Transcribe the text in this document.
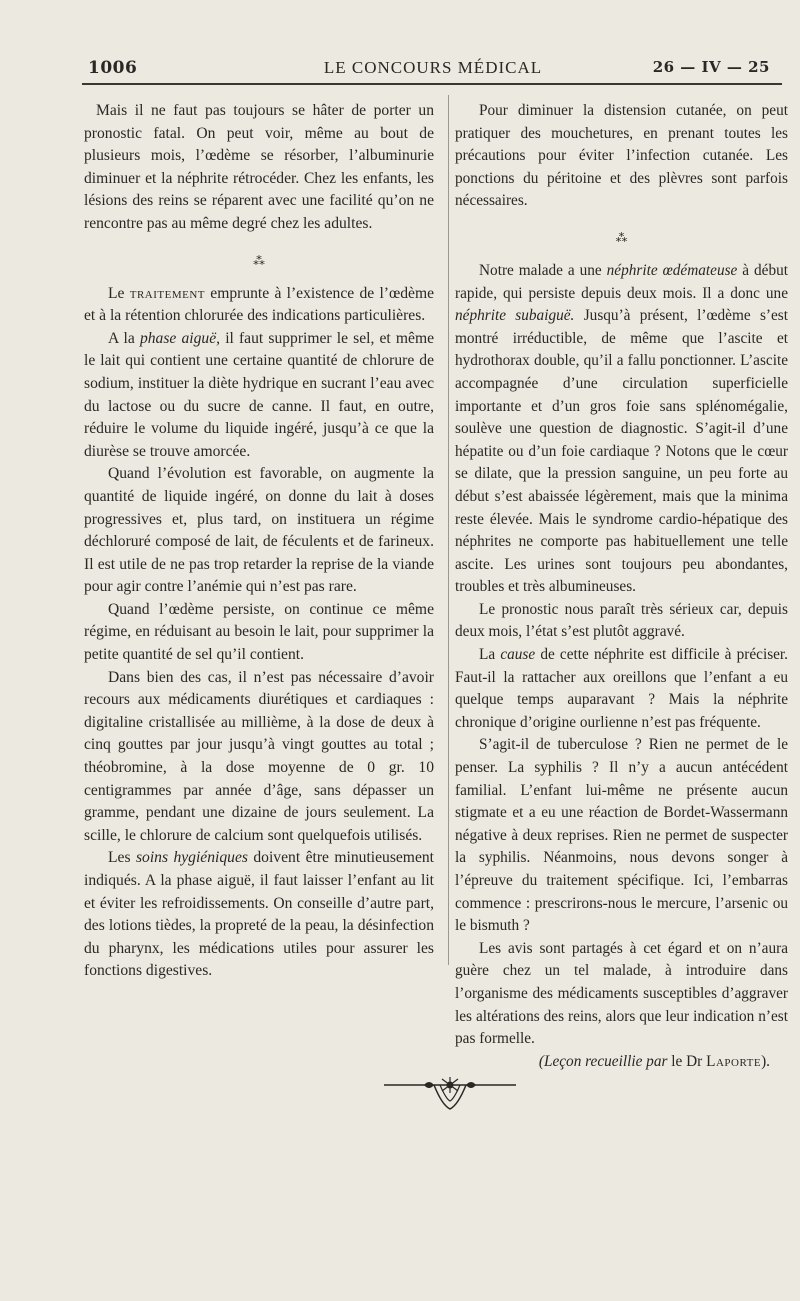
LE CONCOURS MÉDICAL
1006	26 — IV — 25

Mais il ne faut pas toujours se hâter de porter un pronostic fatal. On peut voir, même au bout de plusieurs mois, l’œdème se résorber, l’albuminurie diminuer et la néphrite rétrocéder. Chez les enfants, les lésions des reins se réparent avec une facilité qu’on ne rencontre pas au même degré chez les adultes.

⁂

Le traitement emprunte à l’existence de l’œdème et à la rétention chlorurée des indications particulières.

A la phase aiguë, il faut supprimer le sel, et même le lait qui contient une certaine quantité de chlorure de sodium, instituer la diète hydrique en sucrant l’eau avec du lactose ou du sucre de canne. Il faut, en outre, réduire le volume du liquide ingéré, jusqu’à ce que la diurèse se trouve amorcée.

Quand l’évolution est favorable, on augmente la quantité de liquide ingéré, on donne du lait à doses progressives et, plus tard, on instituera un régime déchloruré composé de lait, de féculents et de farineux. Il est utile de ne pas trop retarder la reprise de la viande pour agir contre l’anémie qui n’est pas rare.

Quand l’œdème persiste, on continue ce même régime, en réduisant au besoin le lait, pour supprimer la petite quantité de sel qu’il contient.

Dans bien des cas, il n’est pas nécessaire d’avoir recours aux médicaments diurétiques et cardiaques : digitaline cristallisée au millième, à la dose de deux à cinq gouttes par jour jusqu’à vingt gouttes au total ; théobromine, à la dose moyenne de 0 gr. 10 centigrammes par année d’âge, sans dépasser un gramme, pendant une dizaine de jours seulement. La scille, le chlorure de calcium sont quelquefois utilisés.

Les soins hygiéniques doivent être minutieusement indiqués. A la phase aiguë, il faut laisser l’enfant au lit et éviter les refroidissements. On conseille d’autre part, des lotions tièdes, la propreté de la peau, la désinfection du pharynx, les médications utiles pour assurer les fonctions digestives.

Pour diminuer la distension cutanée, on peut pratiquer des mouchetures, en prenant toutes les précautions pour éviter l’infection cutanée. Les ponctions du péritoine et des plèvres sont parfois nécessaires.

⁂

Notre malade a une néphrite œdémateuse à début rapide, qui persiste depuis deux mois. Il a donc une néphrite subaiguë. Jusqu’à présent, l’œdème s’est montré irréductible, de même que l’ascite et hydrothorax double, qu’il a fallu ponctionner. L’ascite accompagnée d’une circulation superficielle importante et d’un gros foie sans splénomégalie, soulève une question de diagnostic. S’agit-il d’une hépatite ou d’un foie cardiaque ? Notons que le cœur se dilate, que la pression sanguine, un peu forte au début s’est abaissée légèrement, mais que la minima reste élevée. Mais le syndrome cardio-hépatique des néphrites ne comporte pas habituellement une telle ascite. Les urines sont toujours peu abondantes, troubles et très albumineuses.

Le pronostic nous paraît très sérieux car, depuis deux mois, l’état s’est plutôt aggravé.

La cause de cette néphrite est difficile à préciser. Faut-il la rattacher aux oreillons que l’enfant a eu quelque temps auparavant ? Mais la néphrite chronique d’origine ourlienne n’est pas fréquente.

S’agit-il de tuberculose ? Rien ne permet de le penser. La syphilis ? Il n’y a aucun antécédent familial. L’enfant lui-même ne présente aucun stigmate et a eu une réaction de Bordet-Wassermann négative à deux reprises. Rien ne permet de suspecter la syphilis. Néanmoins, nous devons songer à l’épreuve du traitement spécifique. Ici, l’embarras commence : prescrirons-nous le mercure, l’arsenic ou le bismuth ?

Les avis sont partagés à cet égard et on n’aura guère chez un tel malade, à introduire dans l’organisme des médicaments susceptibles d’aggraver les altérations des reins, alors que leur indication n’est pas formelle.

(Leçon recueillie par le Dr Laporte).
